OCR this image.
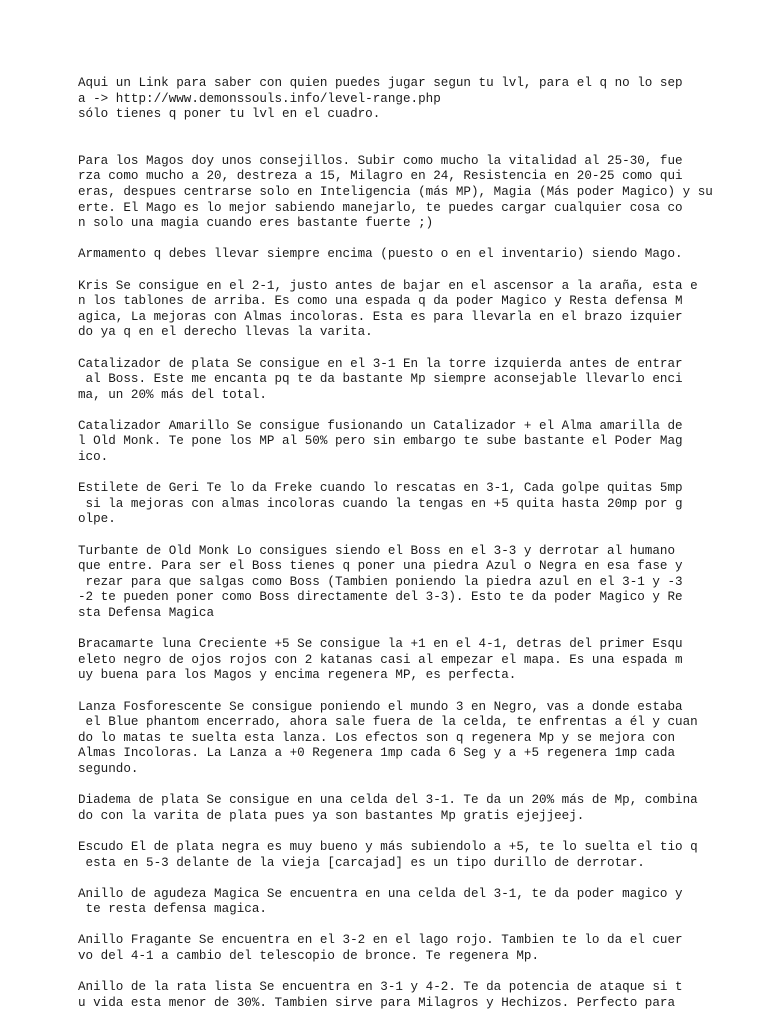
Aqui un Link para saber con quien puedes jugar segun tu lvl, para el q no lo sep
a -> http://www.demonssouls.info/level-range.php
sólo tienes q poner tu lvl en el cuadro.
Para los Magos doy unos consejillos. Subir como mucho la vitalidad al 25-30, fue
rza como mucho a 20, destreza a 15, Milagro en 24, Resistencia en 20-25 como qui
eras, despues centrarse solo en Inteligencia (más MP), Magia (Más poder Magico) y su
erte. El Mago es lo mejor sabiendo manejarlo, te puedes cargar cualquier cosa co
n solo una magia cuando eres bastante fuerte ;)
Armamento q debes llevar siempre encima (puesto o en el inventario) siendo Mago.
Kris Se consigue en el 2-1, justo antes de bajar en el ascensor a la araña, esta e
n los tablones de arriba. Es como una espada q da poder Magico y Resta defensa M
agica, La mejoras con Almas incoloras. Esta es para llevarla en el brazo izquier
do ya q en el derecho llevas la varita.
Catalizador de plata Se consigue en el 3-1 En la torre izquierda antes de entrar
al Boss. Este me encanta pq te da bastante Mp siempre aconsejable llevarlo enci
ma, un 20% más del total.
Catalizador Amarillo Se consigue fusionando un Catalizador + el Alma amarilla de
l Old Monk. Te pone los MP al 50% pero sin embargo te sube bastante el Poder Mag
ico.
Estilete de Geri Te lo da Freke cuando lo rescatas en 3-1, Cada golpe quitas 5mp
si la mejoras con almas incoloras cuando la tengas en +5 quita hasta 20mp por g
olpe.
Turbante de Old Monk Lo consigues siendo el Boss en el 3-3 y derrotar al humano
que entre. Para ser el Boss tienes q poner una piedra Azul o Negra en esa fase y
rezar para que salgas como Boss (Tambien poniendo la piedra azul en el 3-1 y -3
-2 te pueden poner como Boss directamente del 3-3). Esto te da poder Magico y Re
sta Defensa Magica
Bracamarte luna Creciente +5 Se consigue la +1 en el 4-1, detras del primer Esqu
eleto negro de ojos rojos con 2 katanas casi al empezar el mapa. Es una espada m
uy buena para los Magos y encima regenera MP, es perfecta.
Lanza Fosforescente Se consigue poniendo el mundo 3 en Negro, vas a donde estaba
el Blue phantom encerrado, ahora sale fuera de la celda, te enfrentas a él y cuan
do lo matas te suelta esta lanza. Los efectos son q regenera Mp y se mejora con
Almas Incoloras. La Lanza a +0 Regenera 1mp cada 6 Seg y a +5 regenera 1mp cada
segundo.
Diadema de plata Se consigue en una celda del 3-1. Te da un 20% más de Mp, combina
do con la varita de plata pues ya son bastantes Mp gratis ejejjeej.
Escudo El de plata negra es muy bueno y más subiendolo a +5, te lo suelta el tio q
esta en 5-3 delante de la vieja [carcajad] es un tipo durillo de derrotar.
Anillo de agudeza Magica Se encuentra en una celda del 3-1, te da poder magico y
te resta defensa magica.
Anillo Fragante Se encuentra en el 3-2 en el lago rojo. Tambien te lo da el cuer
vo del 4-1 a cambio del telescopio de bronce. Te regenera Mp.
Anillo de la rata lista Se encuentra en 3-1 y 4-2. Te da potencia de ataque si t
u vida esta menor de 30%. Tambien sirve para Milagros y Hechizos. Perfecto para
